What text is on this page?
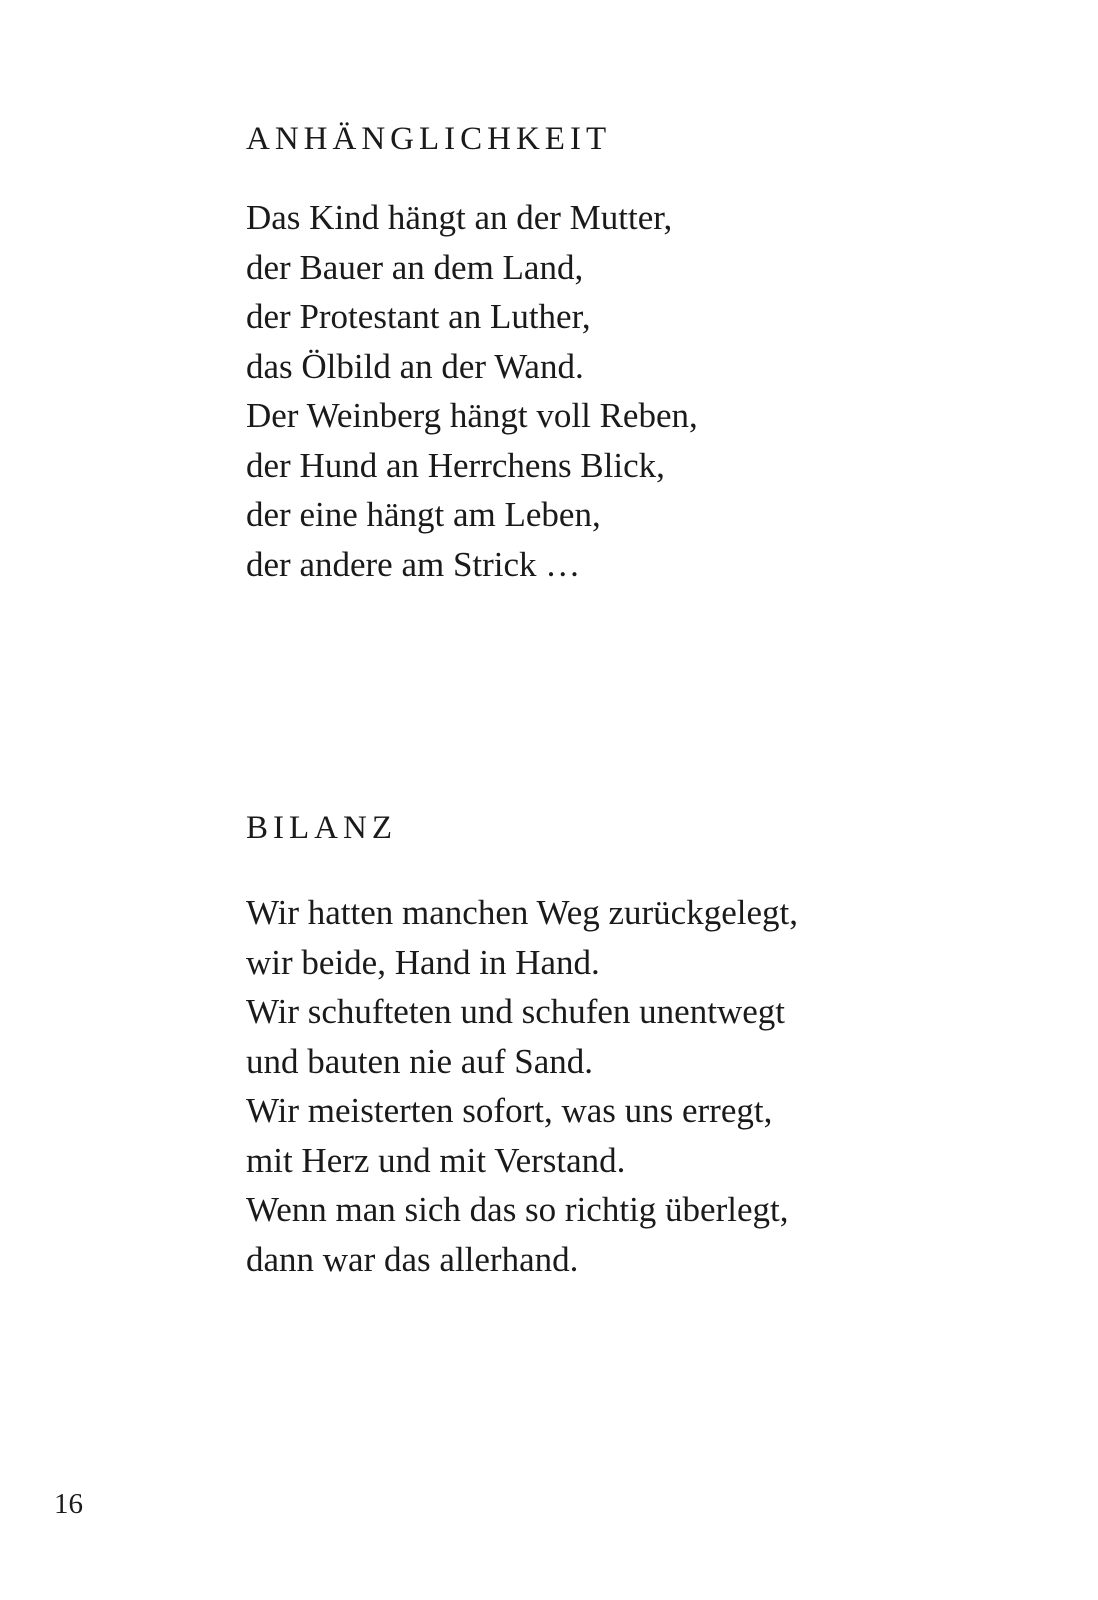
ANHÄNGLICHKEIT
Das Kind hängt an der Mutter,
der Bauer an dem Land,
der Protestant an Luther,
das Ölbild an der Wand.
Der Weinberg hängt voll Reben,
der Hund an Herrchens Blick,
der eine hängt am Leben,
der andere am Strick …
BILANZ
Wir hatten manchen Weg zurückgelegt,
wir beide, Hand in Hand.
Wir schufteten und schufen unentwegt
und bauten nie auf Sand.
Wir meisterten sofort, was uns erregt,
mit Herz und mit Verstand.
Wenn man sich das so richtig überlegt,
dann war das allerhand.
16
